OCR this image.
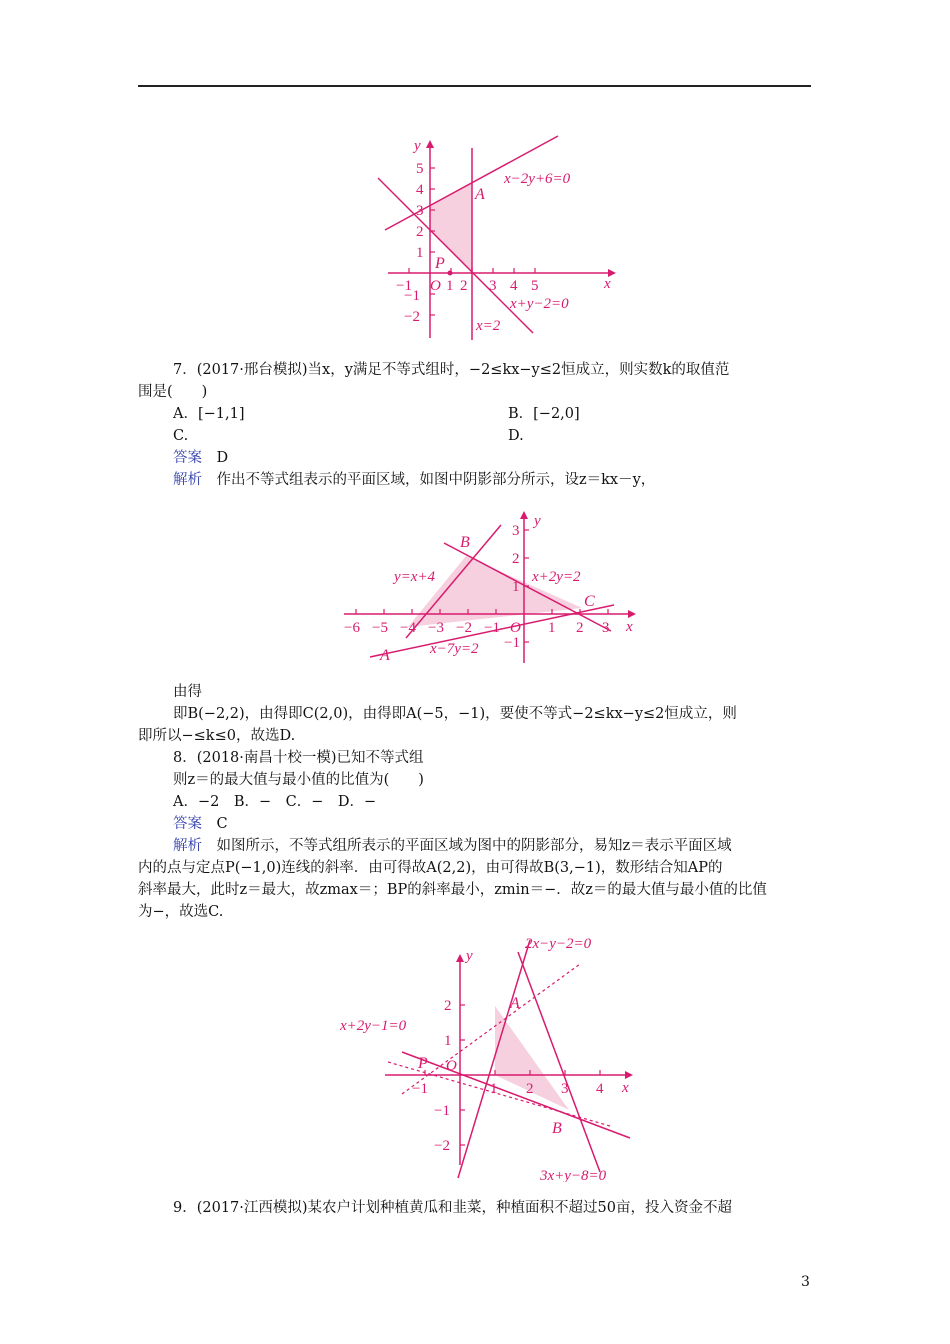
−1 1 2 3 4 5
5
4
3
2
1
−1
−2
O	x
y
A
P
x−2y+6=0
x+y−2=0
x=2
7．(2017·邢台模拟)当x，y满足不等式组时，−2≤kx−y≤2恒成立，则实数k的取值范
围是(　　)
A．[−1,1]	B．[−2,0]
C.	D.
答案　 D
解析　 作出不等式组表示的平面区域，如图中阴影部分所示，设z＝kx－y，
−6 −5 −4 −3 −2 −1	1 2 3
3
2
1
−1
O	x
y
A
B
C
y=x+4	x+2y=2
x−7y=2
由得
即B(−2,2)，由得即C(2,0)，由得即A(−5，−1)，要使不等式−2≤kx−y≤2恒成立，则
即所以−≤k≤0，故选D.
8．(2018·南昌十校一模)已知不等式组
则z＝的最大值与最小值的比值为(　　)
A．−2　B．−　C．−　D．−
答案　 C
解析　 如图所示，不等式组所表示的平面区域为图中的阴影部分，易知z＝表示平面区域
内的点与定点P(−1,0)连线的斜率．由可得故A(2,2)，由可得故B(3,−1)，数形结合知AP的
斜率最大，此时z＝最大，故zmax＝；BP的斜率最小，zmin＝−．故z＝的最大值与最小值的比值
为−，故选C.
−1	1 2 3 4
2
1
−1
−2
O
x
y
A
B
P
2x−y−2=0
x+2y−1=0
3x+y−8=0
9．(2017·江西模拟)某农户计划种植黄瓜和韭菜，种植面积不超过50亩，投入资金不超
3
